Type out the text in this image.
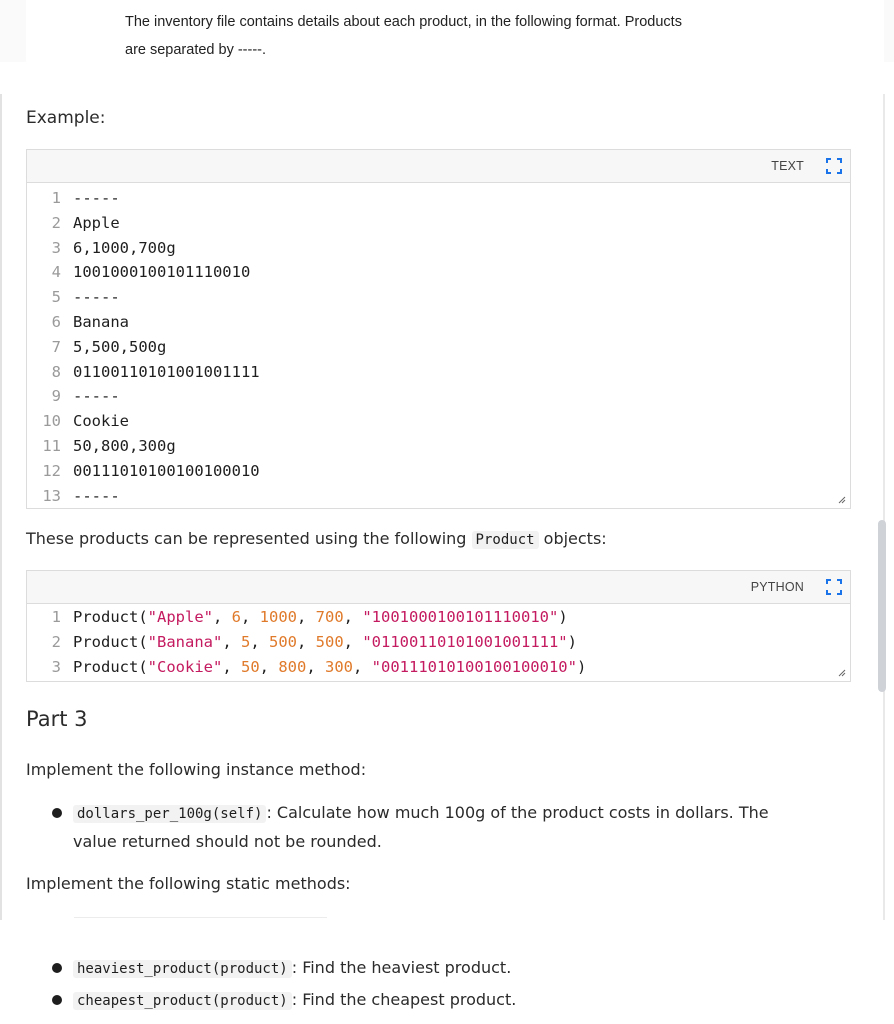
The inventory file contains details about each product, in the following format. Products
are separated by -----.
Example:
TEXT
1 -----
2 Apple
3 6,1000,700g
4 1001000100101110010
5 -----
6 Banana
7 5,500,500g
8 01100110101001001111
9 -----
10 Cookie
11 50,800,300g
12 00111010100100100010
13 -----
These products can be represented using the following Product objects:
PYTHON
1 Product("Apple", 6, 1000, 700, "1001000100101110010")
2 Product("Banana", 5, 500, 500, "01100110101001001111")
3 Product("Cookie", 50, 800, 300, "00111010100100100010")
Part 3
Implement the following instance method:
dollars_per_100g(self) : Calculate how much 100g of the product costs in dollars. The
value returned should not be rounded.
Implement the following static methods:
heaviest_product(product) : Find the heaviest product.
cheapest_product(product) : Find the cheapest product.
